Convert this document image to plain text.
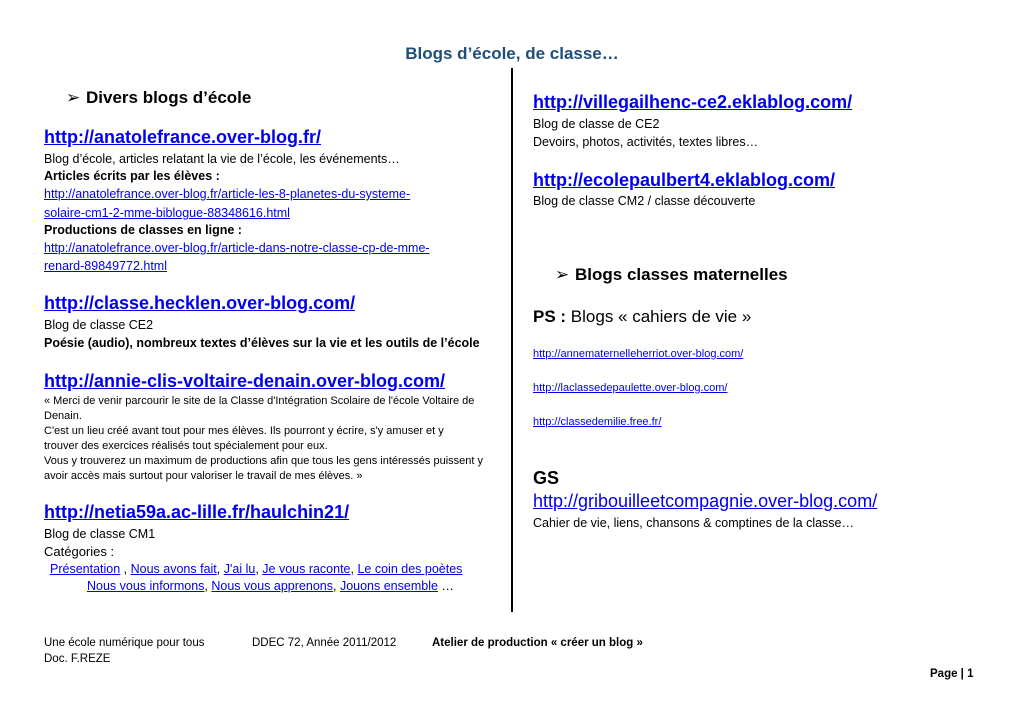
Blogs d’école, de classe…
➢ Divers blogs d’école
http://anatolefrance.over-blog.fr/
Blog d’école, articles relatant la vie de l’école, les événements…
Articles écrits par les élèves :
http://anatolefrance.over-blog.fr/article-les-8-planetes-du-systeme-
solaire-cm1-2-mme-biblogue-88348616.html
Productions de classes en ligne :
http://anatolefrance.over-blog.fr/article-dans-notre-classe-cp-de-mme-
renard-89849772.html
http://classe.hecklen.over-blog.com/
Blog de classe CE2
Poésie (audio), nombreux textes d’élèves sur la vie et les outils de l’école
http://annie-clis-voltaire-denain.over-blog.com/
« Merci de venir parcourir le site de la Classe d'Intégration Scolaire de l'école Voltaire de
Denain.
C'est un lieu créé avant tout pour mes élèves. Ils pourront y écrire, s'y amuser et y
trouver des exercices réalisés tout spécialement pour eux.
Vous y trouverez un maximum de productions afin que tous les gens intéressés puissent y
avoir accès mais surtout pour valoriser le travail de mes élèves. »
http://netia59a.ac-lille.fr/haulchin21/
Blog de classe CM1
Catégories :
Présentation , Nous avons fait, J'ai lu, Je vous raconte, Le coin des poètes
Nous vous informons, Nous vous apprenons, Jouons ensemble …
http://villegailhenc-ce2.eklablog.com/
Blog de classe de CE2
Devoirs, photos, activités, textes libres…
http://ecolepaulbert4.eklablog.com/
Blog de classe CM2 / classe découverte
➢ Blogs classes maternelles
PS : Blogs « cahiers de vie »
http://annematernelleherriot.over-blog.com/
http://laclassedepaulette.over-blog.com/
http://classedemilie.free.fr/
GS
http://gribouilleetcompagnie.over-blog.com/
Cahier de vie, liens, chansons & comptines de la classe…
Une école numérique pour tous
Doc. F.REZE
DDEC 72, Année 2011/2012	Atelier de production « créer un blog »
Page | 1
